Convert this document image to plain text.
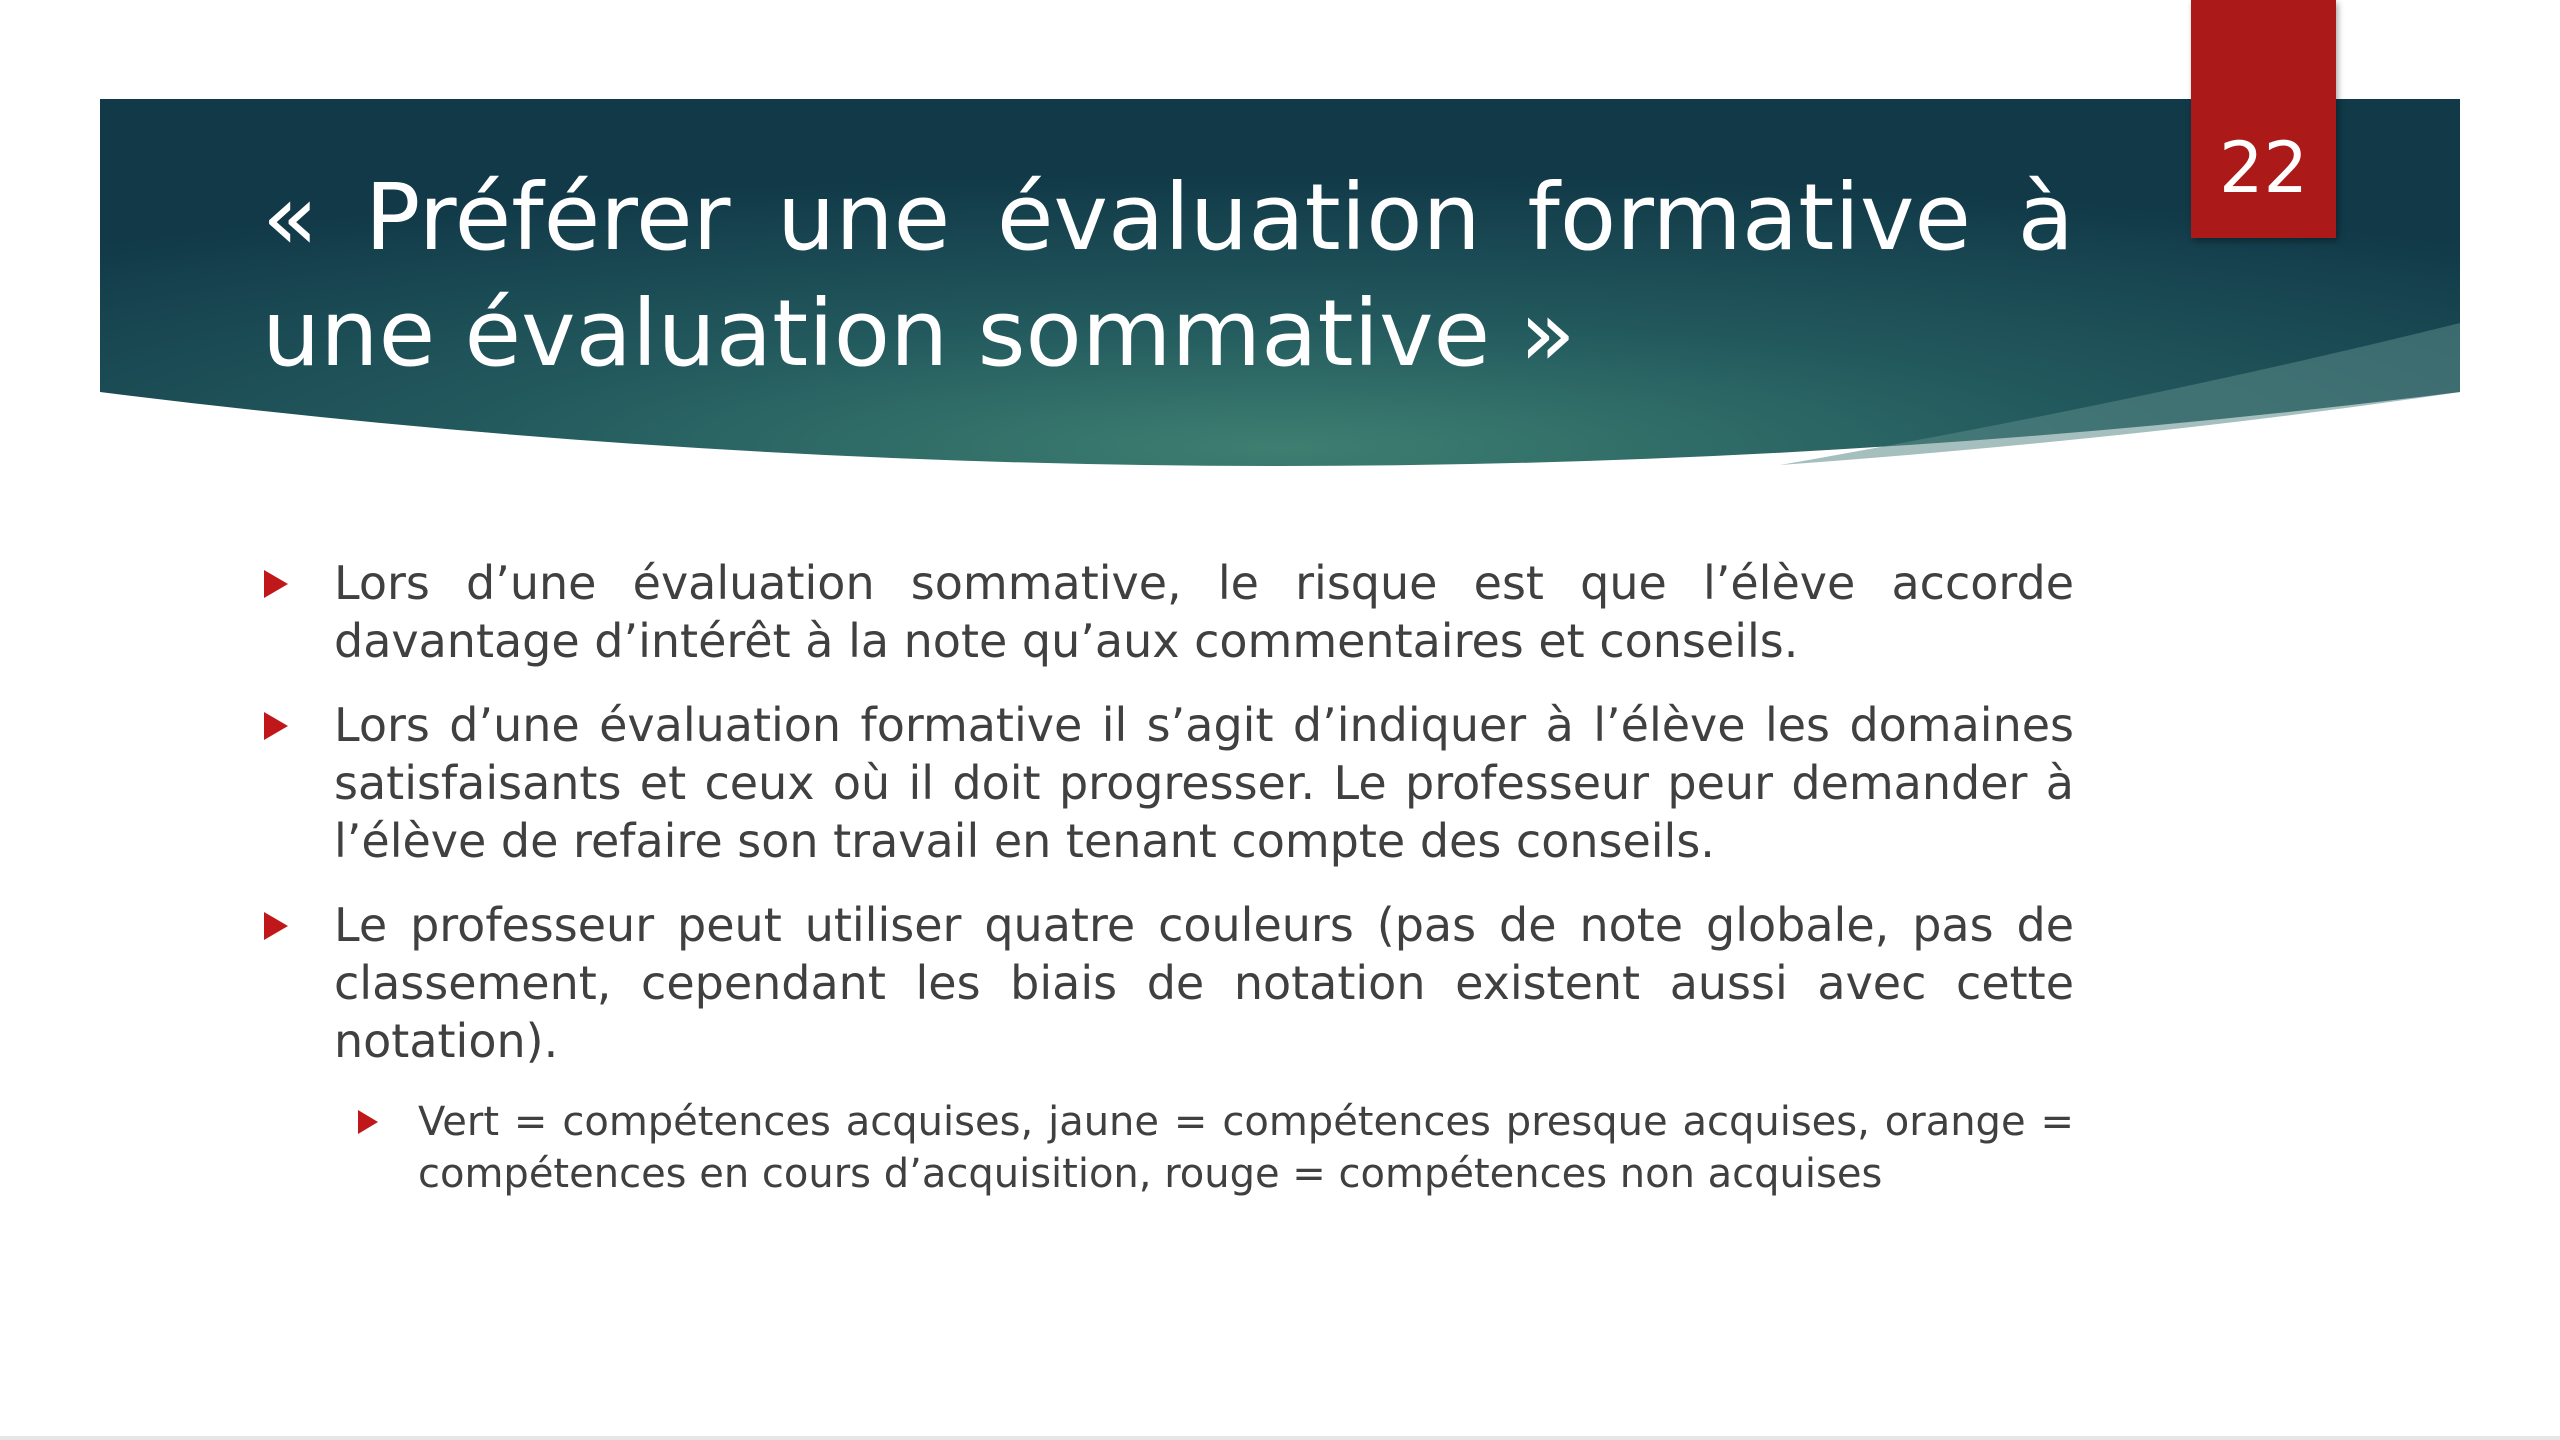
« Préférer une évaluation formative à
une évaluation sommative »
22
Lors d’une évaluation sommative, le risque est que l’élève accorde davantage d’intérêt à la note qu’aux commentaires et conseils.
Lors d’une évaluation formative il s’agit d’indiquer à l’élève les domaines satisfaisants et ceux où il doit progresser. Le professeur peur demander à l’élève de refaire son travail en tenant compte des conseils.
Le professeur peut utiliser quatre couleurs (pas de note globale, pas de classement, cependant les biais de notation existent aussi avec cette notation).
Vert = compétences acquises, jaune = compétences presque acquises, orange = compétences en cours d’acquisition, rouge = compétences non acquises
